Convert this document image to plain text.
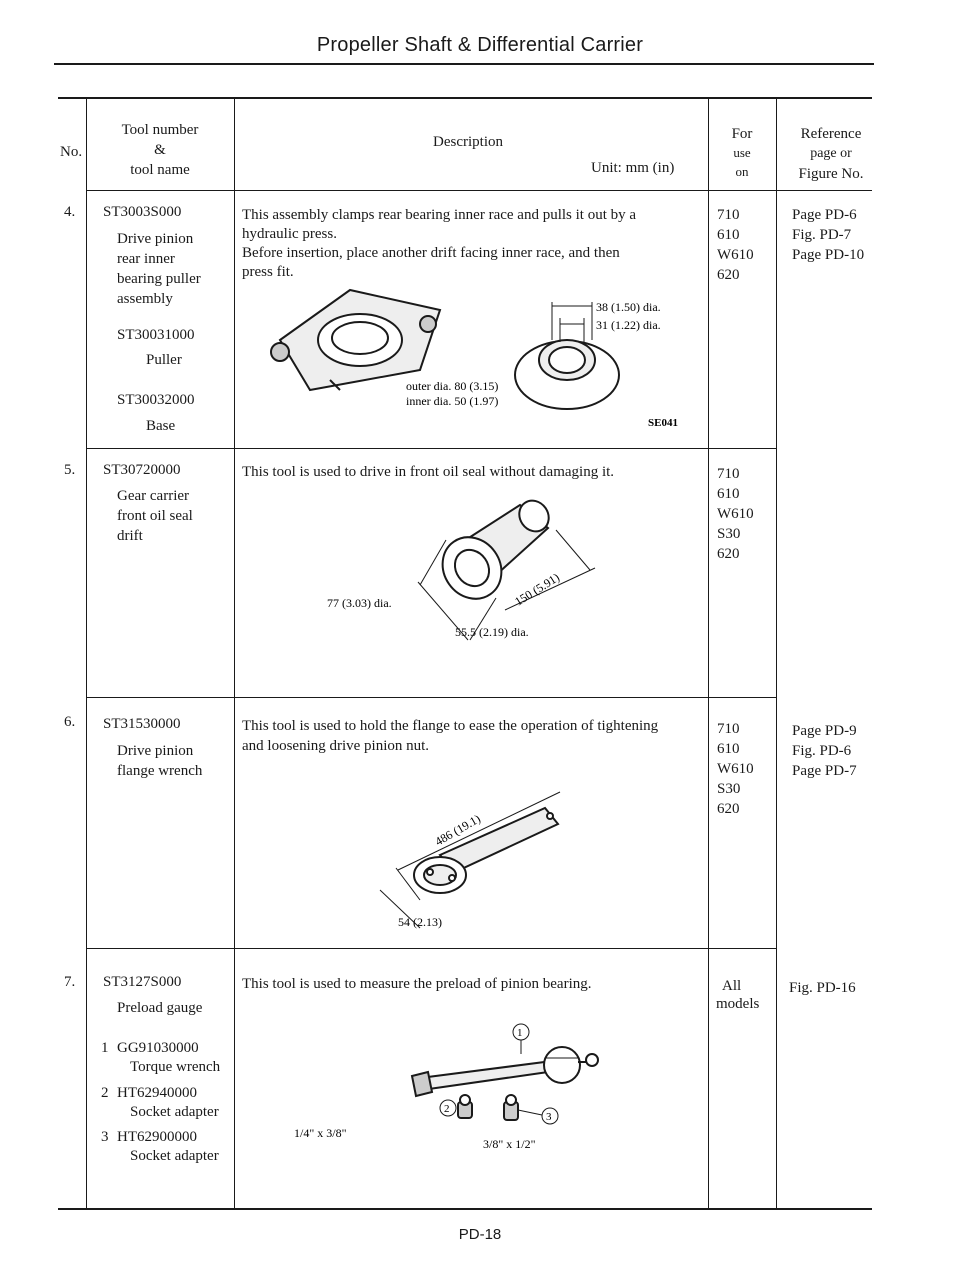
Propeller Shaft & Differential Carrier
No.
Tool number
&
tool name
Description
Unit: mm (in)
For
use
on
Reference
page or
Figure No.
4. ST3003S000
Drive pinion
rear inner
bearing puller
assembly
ST30031000
Puller
ST30032000
Base
This assembly clamps rear bearing inner race and pulls it out by a
hydraulic press.
Before insertion, place another drift facing inner race, and then
press fit.
38 (1.50) dia.
31 (1.22) dia.
outer dia. 80 (3.15)
inner dia. 50 (1.97)
SE041
710
610
W610
620
Page PD-6
Fig. PD-7
Page PD-10
5. ST30720000
Gear carrier
front oil seal
drift
This tool is used to drive in front oil seal without damaging it.
77 (3.03) dia.	150 (5.91)
55.5 (2.19) dia.
710
610
W610
S30
620
6. ST31530000
Drive pinion
flange wrench
This tool is used to hold the flange to ease the operation of tightening
and loosening drive pinion nut.
486 (19.1)
54 (2.13)
710
610
W610
S30
620
Page PD-9
Fig. PD-6
Page PD-7
7. ST3127S000
Preload gauge
1 GG91030000
Torque wrench
2 HT62940000
Socket adapter
3 HT62900000
Socket adapter
This tool is used to measure the preload of pinion bearing.
1
2
3
1/4" x 3/8"
3/8" x 1/2"
All
models
Fig. PD-16
PD-18
